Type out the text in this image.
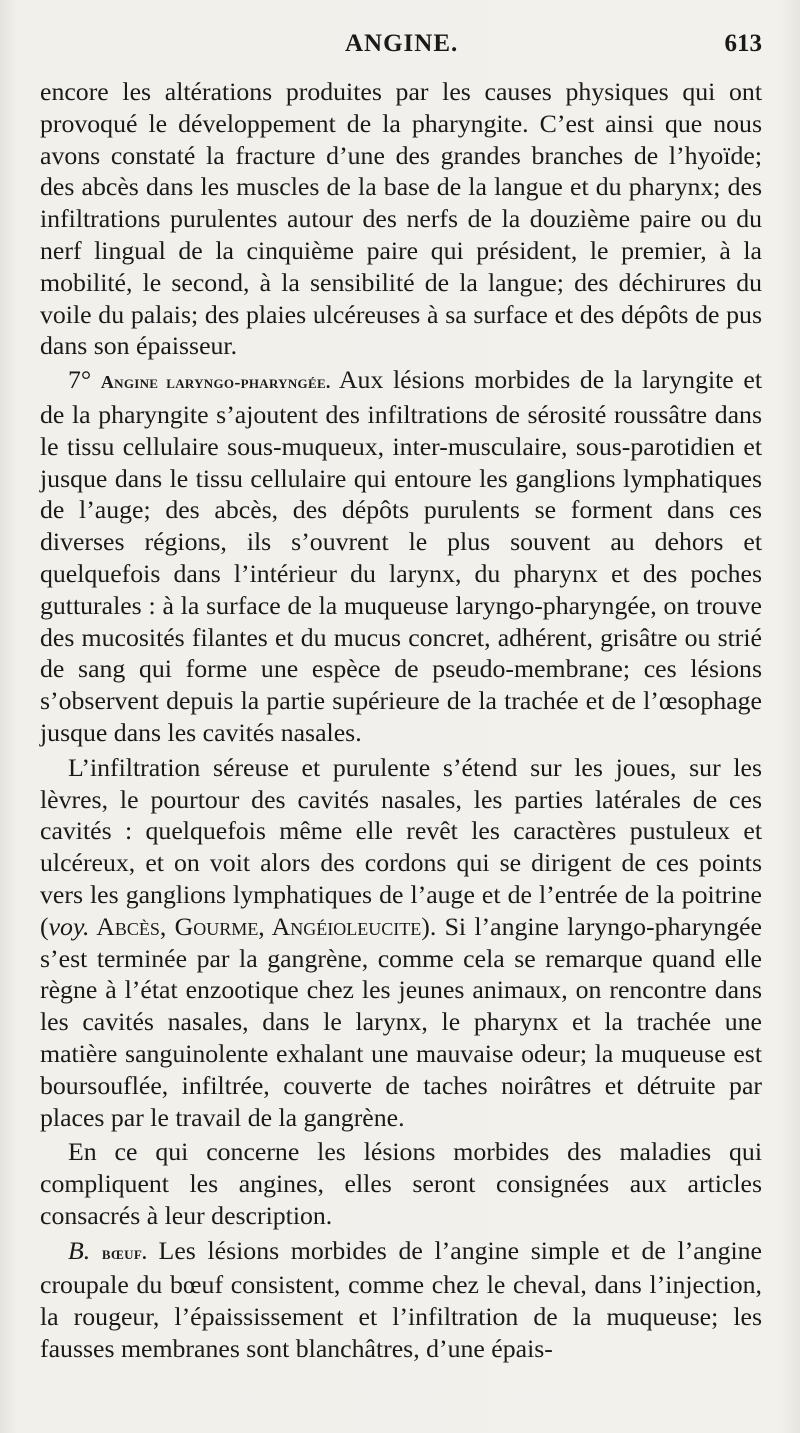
ANGINE.	613

encore les altérations produites par les causes physiques qui ont provoqué le développement de la pharyngite. C’est ainsi que nous avons constaté la fracture d’une des grandes branches de l’hyoïde; des abcès dans les muscles de la base de la langue et du pharynx; des infiltrations purulentes autour des nerfs de la douzième paire ou du nerf lingual de la cinquième paire qui président, le premier, à la mobilité, le second, à la sensibilité de la langue; des déchirures du voile du palais; des plaies ulcéreuses à sa surface et des dépôts de pus dans son épaisseur.

7° Angine laryngo-pharyngée. Aux lésions morbides de la laryngite et de la pharyngite s’ajoutent des infiltrations de sérosité roussâtre dans le tissu cellulaire sous-muqueux, inter-musculaire, sous-parotidien et jusque dans le tissu cellulaire qui entoure les ganglions lymphatiques de l’auge; des abcès, des dépôts purulents se forment dans ces diverses régions, ils s’ouvrent le plus souvent au dehors et quelquefois dans l’intérieur du larynx, du pharynx et des poches gutturales : à la surface de la muqueuse laryngo-pharyngée, on trouve des mucosités filantes et du mucus concret, adhérent, grisâtre ou strié de sang qui forme une espèce de pseudo-membrane; ces lésions s’observent depuis la partie supérieure de la trachée et de l’œsophage jusque dans les cavités nasales.

L’infiltration séreuse et purulente s’étend sur les joues, sur les lèvres, le pourtour des cavités nasales, les parties latérales de ces cavités : quelquefois même elle revêt les caractères pustuleux et ulcéreux, et on voit alors des cordons qui se dirigent de ces points vers les ganglions lymphatiques de l’auge et de l’entrée de la poitrine (voy. Abcès, Gourme, Angéioleucite). Si l’angine laryngo-pharyngée s’est terminée par la gangrène, comme cela se remarque quand elle règne à l’état enzootique chez les jeunes animaux, on rencontre dans les cavités nasales, dans le larynx, le pharynx et la trachée une matière sanguinolente exhalant une mauvaise odeur; la muqueuse est boursouflée, infiltrée, couverte de taches noirâtres et détruite par places par le travail de la gangrène.

En ce qui concerne les lésions morbides des maladies qui compliquent les angines, elles seront consignées aux articles consacrés à leur description.

B. bœuf. Les lésions morbides de l’angine simple et de l’angine croupale du bœuf consistent, comme chez le cheval, dans l’injection, la rougeur, l’épaississement et l’infiltration de la muqueuse; les fausses membranes sont blanchâtres, d’une épais-
